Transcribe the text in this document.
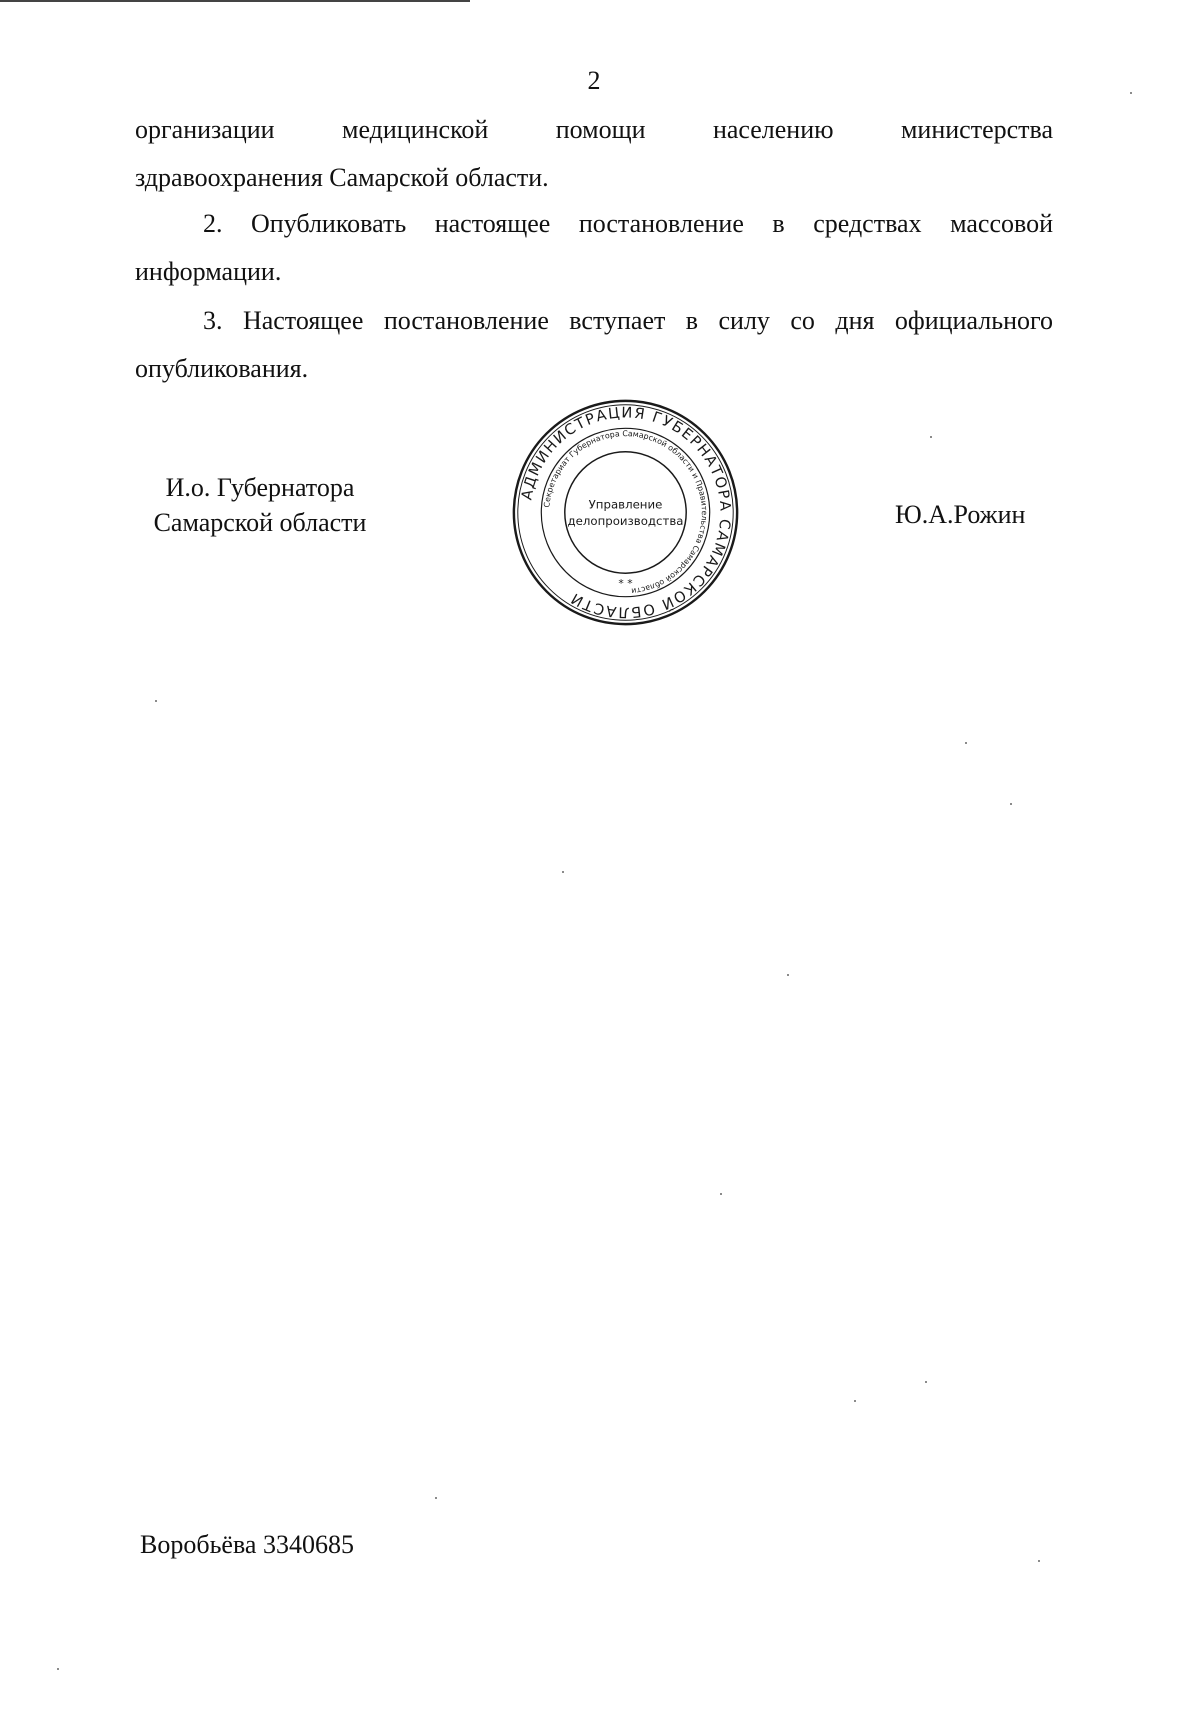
2
организации	медицинской	помощи	населению	министерства
здравоохранения Самарской области.
2. Опубликовать настоящее постановление в средствах массовой
информации.
3. Настоящее постановление вступает в силу со дня официального
опубликования.
И.о. Губернатора
Самарской области
АДМИНИСТРАЦИЯ ГУБЕРНАТОРА САМАРСКОЙ ОБЛАСТИ
Секретариат Губернатора Самарской области и Правительства Самарской области
Управление
делопроизводства
* *
Ю.А.Рожин
Воробьёва 3340685
